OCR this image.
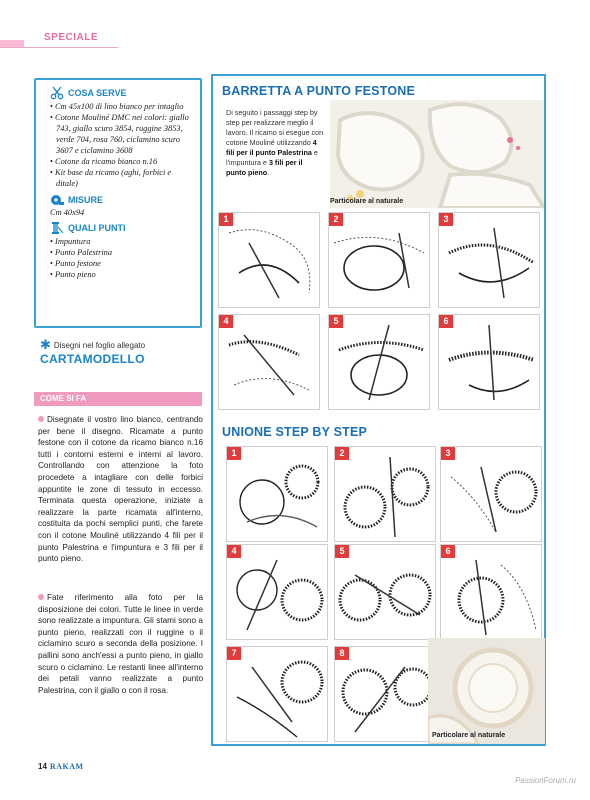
SPECIALE
COSA SERVE
• Cm 45x100 di lino bianco per intaglio
• Cotone Mouliné DMC nei colori: giallo 743, giallo scuro 3854, ruggine 3853, verde 704, rosa 760, ciclamino scuro 3607 e ciclamino 3608
• Cotone da ricamo bianco n.16
• Kit base da ricamo (aghi, forbici e ditale)
MISURE
Cm 40x94
QUALI PUNTI
• Impuntura
• Punto Palestrina
• Punto festone
• Punto pieno
✱ Disegni nel foglio allegato
CARTAMODELLO
COME SI FA
Disegnate il vostro lino bianco, centrando per bene il disegno. Ricamate a punto festone con il cotone da ricamo bianco n.16 tutti i contorni esterni e interni al lavoro. Controllando con attenzione la foto procedete a intagliare con delle forbici appuntite le zone di tessuto in eccesso. Terminata questa operazione, iniziate a realizzare la parte ricamata all'interno, costituita da pochi semplici punti, che farete con il cotone Mouliné utilizzando 4 fili per il punto Palestrina e l'impuntura e 3 fili per il punto pieno.
Fate riferimento alla foto per la disposizione dei colori. Tutte le linee in verde sono realizzate a impuntura. Gli stami sono a punto pieno, realizzati con il ruggine o il ciclamino scuro a seconda della posizione. I pallini sono anch'essi a punto pieno, in giallo scuro o ciclamino. Le restanti linee all'interno dei petali vanno realizzate a punto Palestrina, con il giallo o con il rosa.
BARRETTA A PUNTO FESTONE
Particolare al naturale
Di seguito i passaggi step by step per realizzare meglio il lavoro. Il ricamo si esegue con cotone Mouliné utilizzando 4 fili per il punto Palestrina e l'impuntura e 3 fili per il punto pieno.
1	2	3
4	5	6
UNIONE STEP BY STEP
1	2	3
4	5	6
7	8
Particolare al naturale
14 RAKAM
PassionForum.ru
